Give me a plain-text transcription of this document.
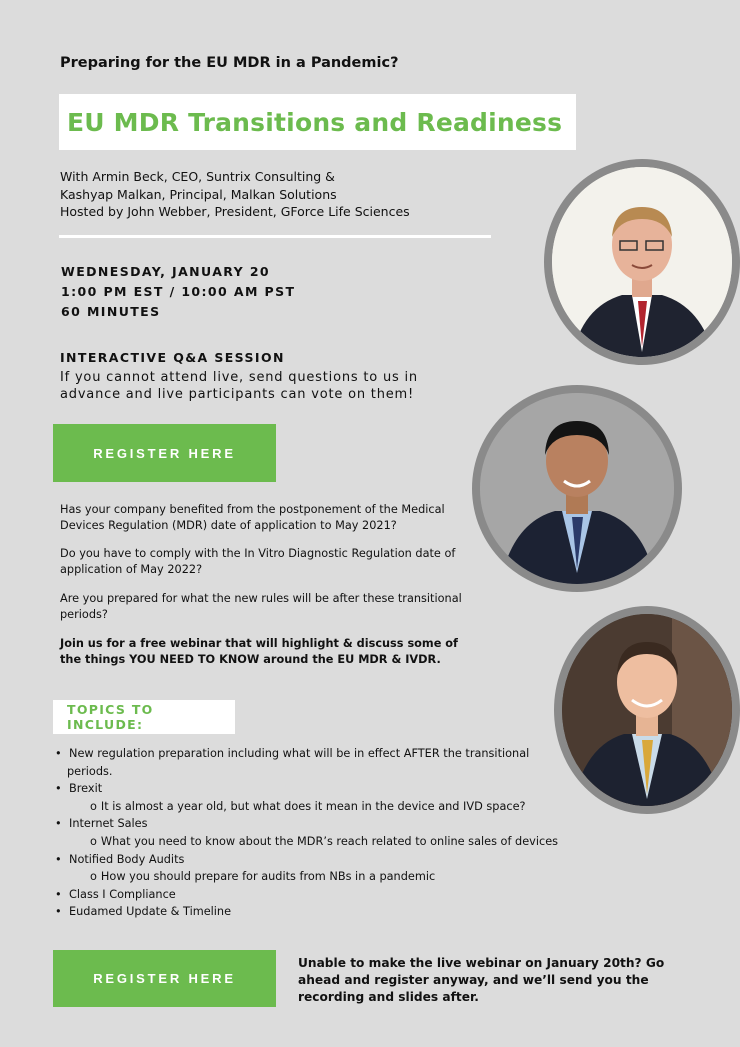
Preparing for the EU MDR in a Pandemic?
EU MDR Transitions and Readiness
With Armin Beck, CEO, Suntrix Consulting &
Kashyap Malkan, Principal, Malkan Solutions
Hosted by John Webber, President, GForce Life Sciences
WEDNESDAY, JANUARY 20
1:00 PM EST / 10:00 AM PST
60 MINUTES
INTERACTIVE Q&A SESSION
If you cannot attend live, send questions to us in advance and live participants can vote on them!
REGISTER HERE
Has your company benefited from the postponement of the Medical Devices Regulation (MDR) date of application to May 2021?
Do you have to comply with the In Vitro Diagnostic Regulation date of application of May 2022?
Are you prepared for what the new rules will be after these transitional periods?
Join us for a free webinar that will highlight & discuss some of the things YOU NEED TO KNOW around the EU MDR & IVDR.
TOPICS TO INCLUDE:
• New regulation preparation including what will be in effect AFTER the transitional
periods.
• Brexit
o It is almost a year old, but what does it mean in the device and IVD space?
• Internet Sales
o What you need to know about the MDR’s reach related to online sales of devices
• Notified Body Audits
o How you should prepare for audits from NBs in a pandemic
• Class I Compliance
• Eudamed Update & Timeline
REGISTER HERE
Unable to make the live webinar on January 20th? Go ahead and register anyway, and we’ll send you the recording and slides after.
